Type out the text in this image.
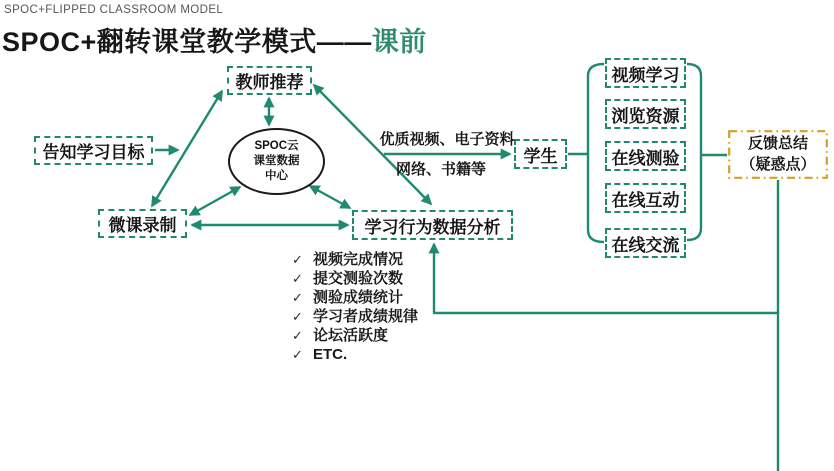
SPOC+FLIPPED CLASSROOM MODEL
SPOC+翻转课堂教学模式——课前
告知学习目标
教师推荐
微课录制
SPOC云
课堂数据
中心
学习行为数据分析
学生
视频学习
浏览资源
在线测验
在线互动
在线交流
反馈总结
（疑惑点）
优质视频、电子资料
网络、书籍等
✓ 视频完成情况
✓ 提交测验次数
✓ 测验成绩统计
✓ 学习者成绩规律
✓ 论坛活跃度
✓ ETC.
